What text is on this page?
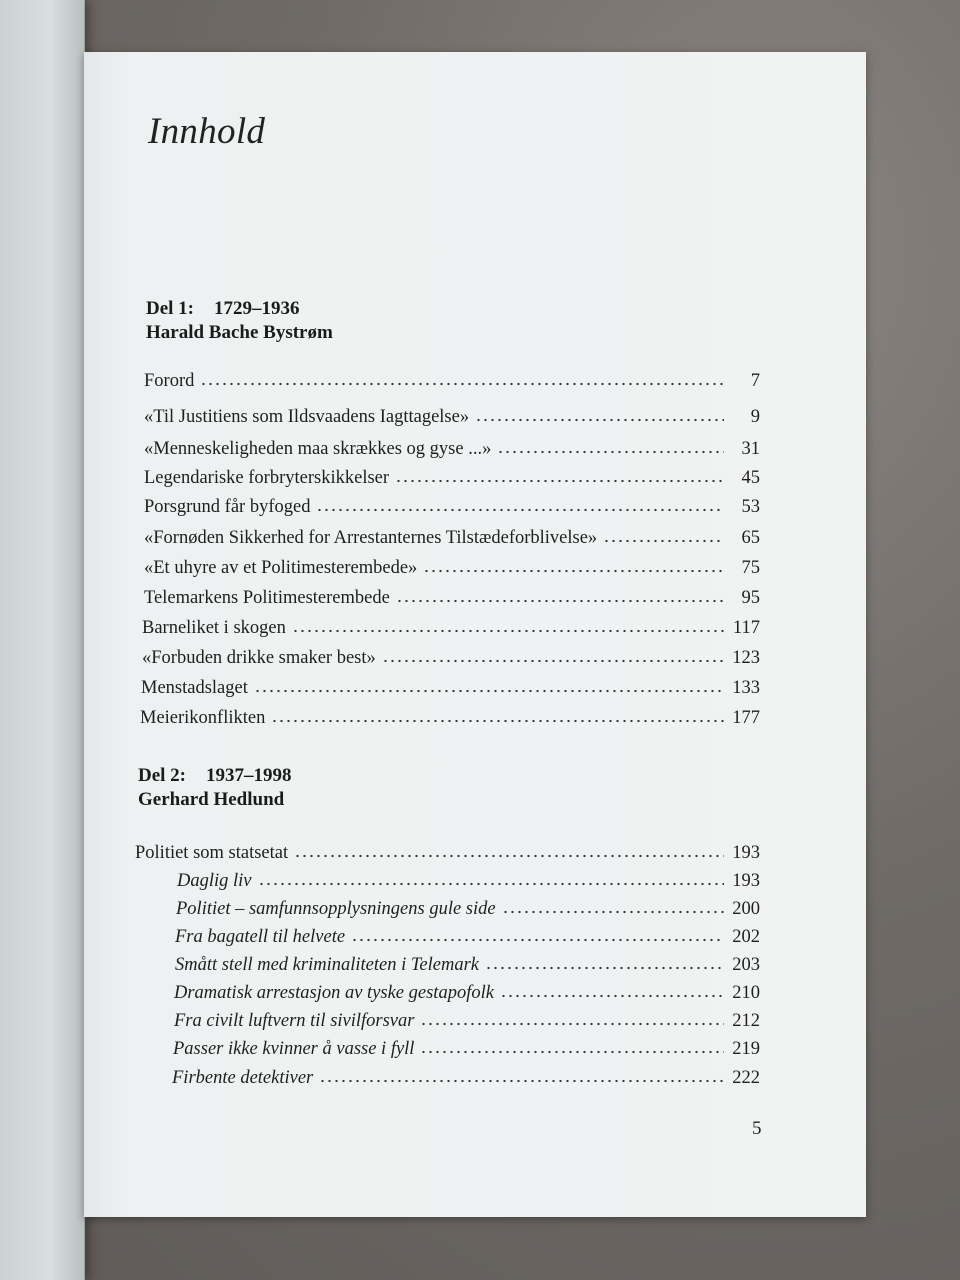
Innhold
Del 1: 1729–1936
Harald Bache Bystrøm
Forord	7
«Til Justitiens som Ildsvaadens Iagttagelse»	9
«Menneskeligheden maa skrækkes og gyse ...»	31
Legendariske forbryterskikkelser	45
Porsgrund får byfoged	53
«Fornøden Sikkerhed for Arrestanternes Tilstædeforblivelse»	65
«Et uhyre av et Politimesterembede»	75
Telemarkens Politimesterembede	95
Barneliket i skogen	117
«Forbuden drikke smaker best»	123
Menstadslaget	133
Meierikonflikten	177
Del 2: 1937–1998
Gerhard Hedlund
Politiet som statsetat	193
Daglig liv	193
Politiet – samfunnsopplysningens gule side	200
Fra bagatell til helvete	202
Smått stell med kriminaliteten i Telemark	203
Dramatisk arrestasjon av tyske gestapofolk	210
Fra civilt luftvern til sivilforsvar	212
Passer ikke kvinner å vasse i fyll	219
Firbente detektiver	222
5
